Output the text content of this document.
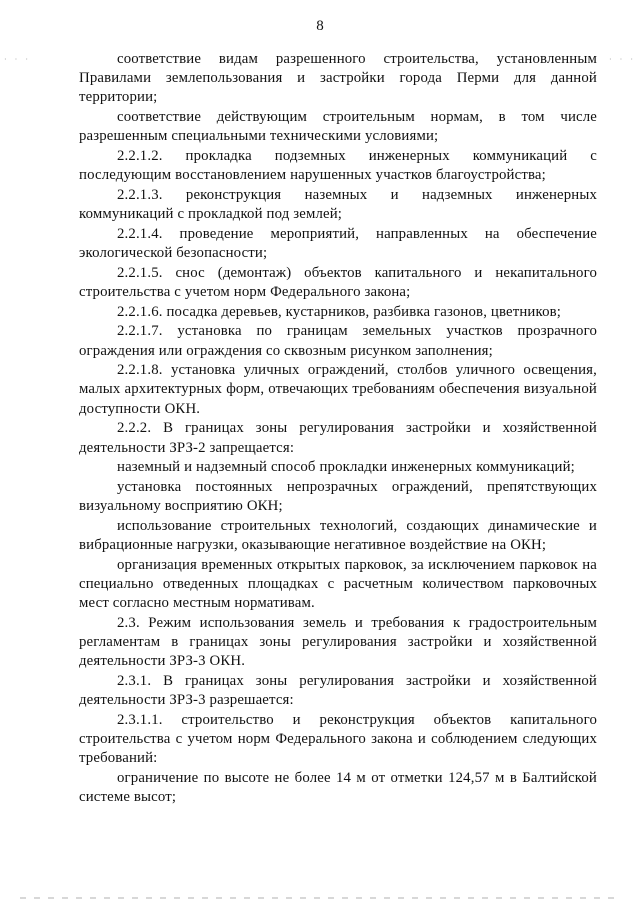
8

соответствие видам разрешенного строительства, установленным Правилами землепользования и застройки города Перми для данной территории;

соответствие действующим строительным нормам, в том числе разрешенным специальными техническими условиями;

2.2.1.2. прокладка подземных инженерных коммуникаций с последующим восстановлением нарушенных участков благоустройства;

2.2.1.3. реконструкция наземных и надземных инженерных коммуникаций с прокладкой под землей;

2.2.1.4. проведение мероприятий, направленных на обеспечение экологической безопасности;

2.2.1.5. снос (демонтаж) объектов капитального и некапитального строительства с учетом норм Федерального закона;

2.2.1.6. посадка деревьев, кустарников, разбивка газонов, цветников;

2.2.1.7. установка по границам земельных участков прозрачного ограждения или ограждения со сквозным рисунком заполнения;

2.2.1.8. установка уличных ограждений, столбов уличного освещения, малых архитектурных форм, отвечающих требованиям обеспечения визуальной доступности ОКН.

2.2.2. В границах зоны регулирования застройки и хозяйственной деятельности ЗРЗ-2 запрещается:

наземный и надземный способ прокладки инженерных коммуникаций;

установка постоянных непрозрачных ограждений, препятствующих визуальному восприятию ОКН;

использование строительных технологий, создающих динамические и вибрационные нагрузки, оказывающие негативное воздействие на ОКН;

организация временных открытых парковок, за исключением парковок на специально отведенных площадках с расчетным количеством парковочных мест согласно местным нормативам.

2.3. Режим использования земель и требования к градостроительным регламентам в границах зоны регулирования застройки и хозяйственной деятельности ЗРЗ-3 ОКН.

2.3.1. В границах зоны регулирования застройки и хозяйственной деятельности ЗРЗ-3 разрешается:

2.3.1.1. строительство и реконструкция объектов капитального строительства с учетом норм Федерального закона и соблюдением следующих требований:

ограничение по высоте не более 14 м от отметки 124,57 м в Балтийской системе высот;

· · ·	· · ·
